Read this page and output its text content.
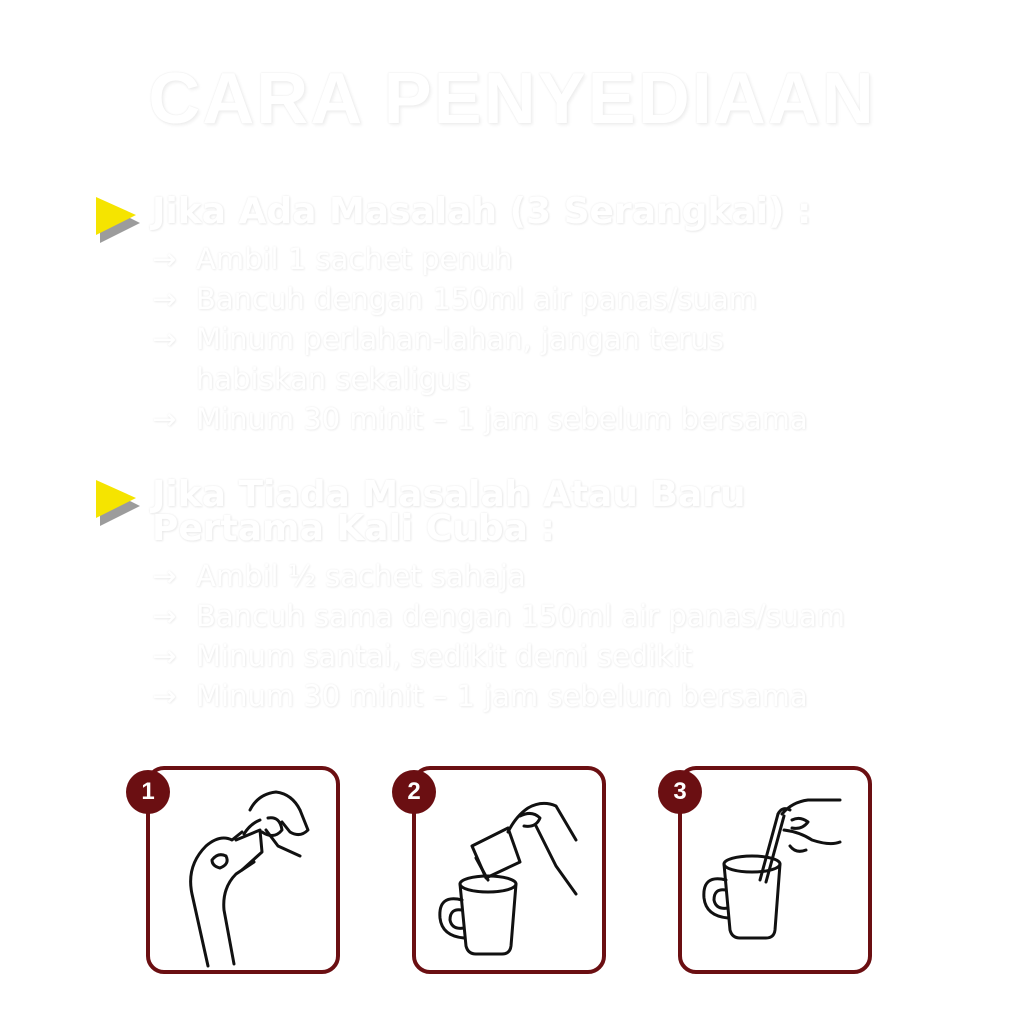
CARA PENYEDIAAN
Jika Ada Masalah (3 Serangkai) :
→ Ambil 1 sachet penuh
→ Bancuh dengan 150ml air panas/suam
→ Minum perlahan-lahan, jangan terus habiskan sekaligus
→ Minum 30 minit – 1 jam sebelum bersama
Jika Tiada Masalah Atau Baru Pertama Kali Cuba :
→ Ambil ½ sachet sahaja
→ Bancuh sama dengan 150ml air panas/suam
→ Minum santai, sedikit demi sedikit
→ Minum 30 minit – 1 jam sebelum bersama
1	2	3
